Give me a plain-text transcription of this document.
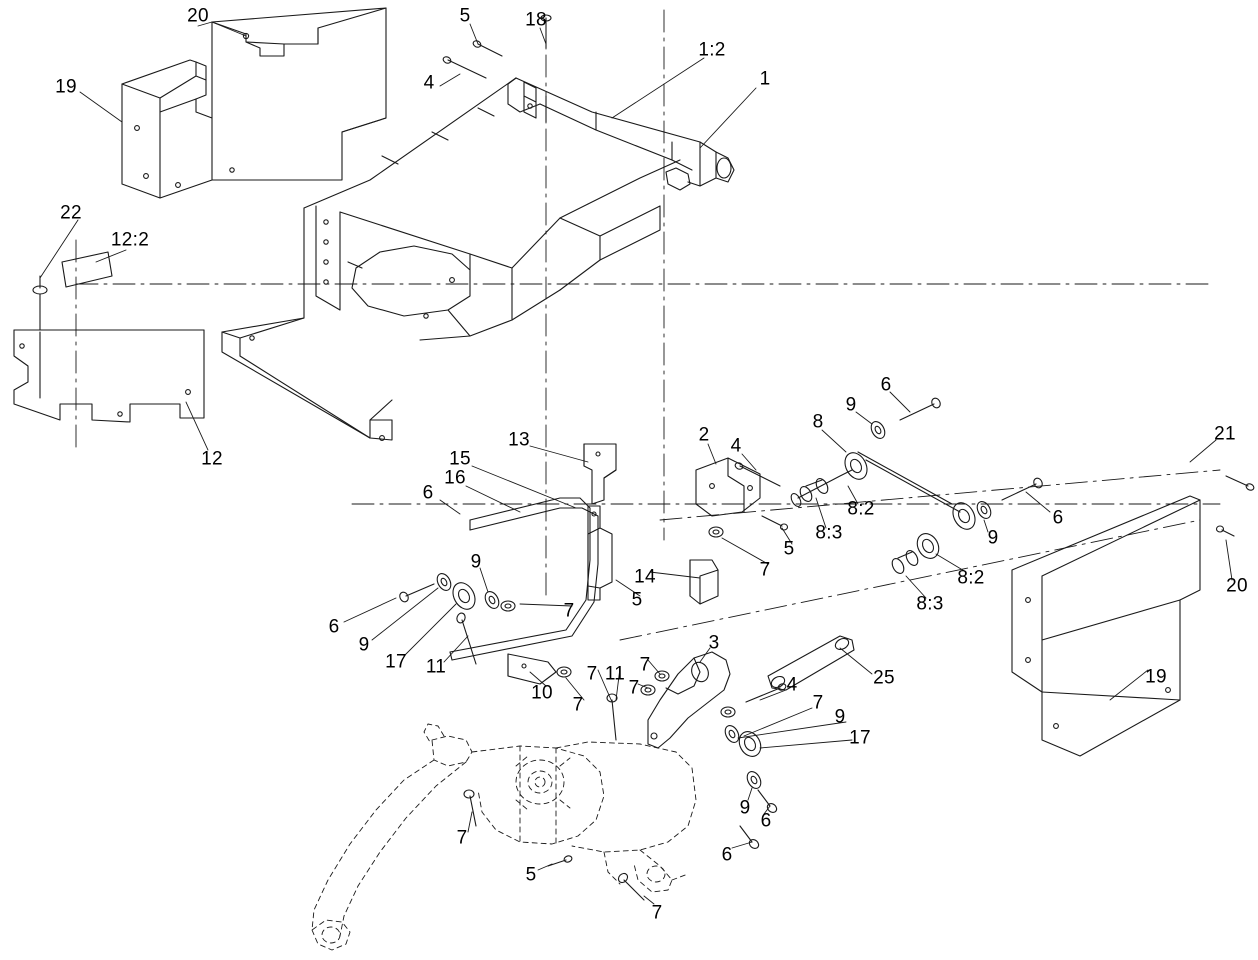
20	5	18
1:2
1
19	4
22
12:2
6
9
8
12
13	4
2	21
15
16
6
8:2
8:3
6
9
9
20
5
7
14
5
8:2
7
6
8:3
9
17 11	19
7
3
25
7
7
11
10	4
7	7
9
17
9
6
7
6
5
7
